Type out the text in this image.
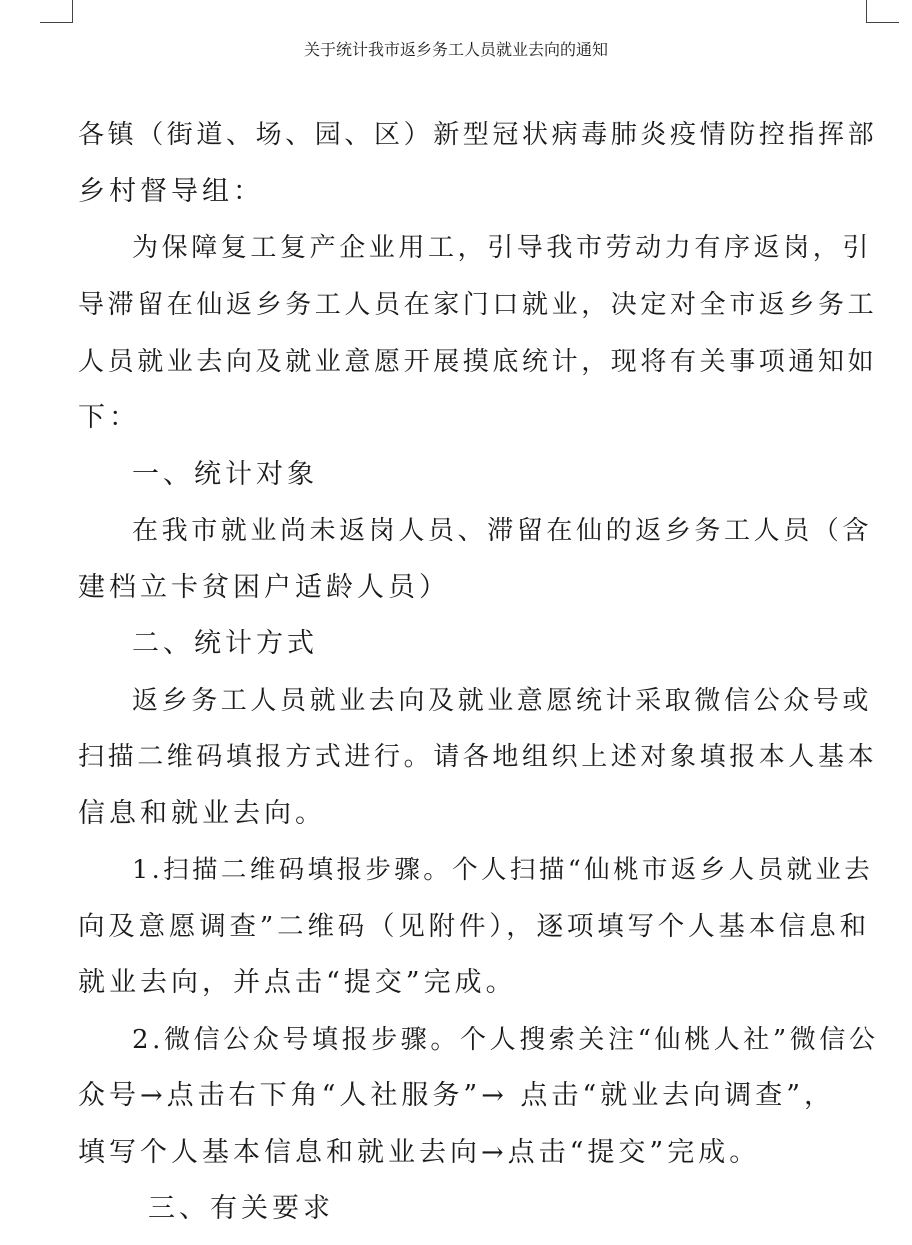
关于统计我市返乡务工人员就业去向的通知
各镇（街道、场、园、区）新型冠状病毒肺炎疫情防控指挥部
乡村督导组：
为保障复工复产企业用工，引导我市劳动力有序返岗，引
导滞留在仙返乡务工人员在家门口就业，决定对全市返乡务工
人员就业去向及就业意愿开展摸底统计，现将有关事项通知如
下：
一、统计对象
在我市就业尚未返岗人员、滞留在仙的返乡务工人员（含
建档立卡贫困户适龄人员）
二、统计方式
返乡务工人员就业去向及就业意愿统计采取微信公众号或
扫描二维码填报方式进行。请各地组织上述对象填报本人基本
信息和就业去向。
1.扫描二维码填报步骤。个人扫描“仙桃市返乡人员就业去
向及意愿调查”二维码（见附件），逐项填写个人基本信息和
就业去向，并点击“提交”完成。
2.微信公众号填报步骤。个人搜索关注“仙桃人社”微信公
众号→点击右下角“人社服务”→ 点击“就业去向调查”，
填写个人基本信息和就业去向→点击“提交”完成。
三、有关要求
